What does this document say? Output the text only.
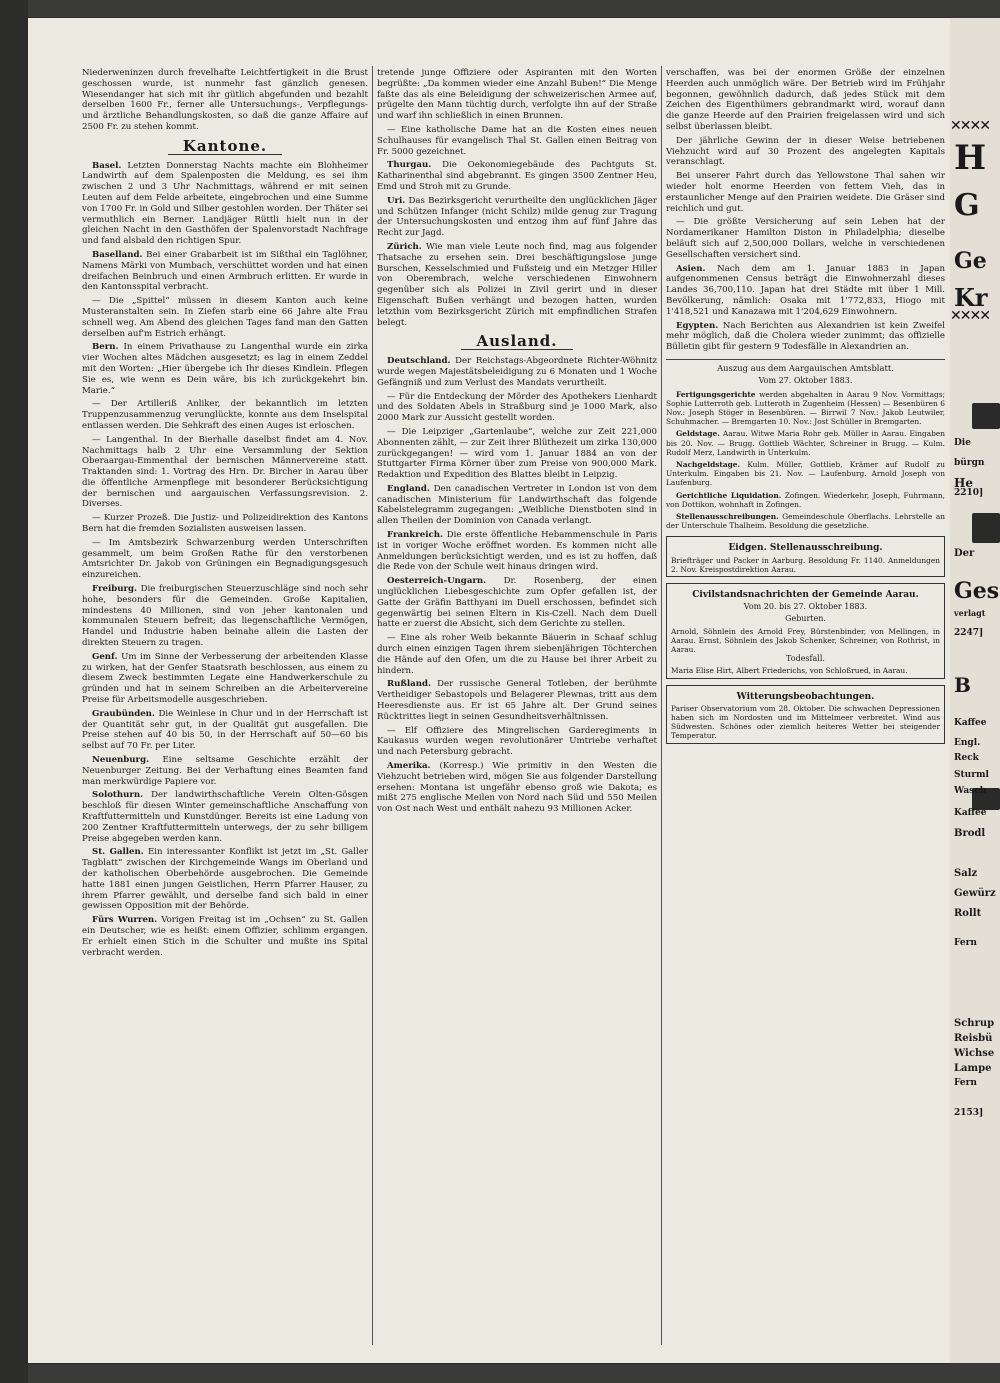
Niederweninzen durch frevelhafte Leichtfertigkeit in die Brust geschossen wurde, ist nunmehr fast gänzlich genesen. Wiesendanger hat sich mit ihr gütlich abgefunden und bezahlt derselben 1600 Fr., ferner alle Untersuchungs-, Verpflegungs- und ärztliche Behandlungskosten, so daß die ganze Affaire auf 2500 Fr. zu stehen kommt.

Kantone.

Basel. Letzten Donnerstag Nachts machte ein Blohheimer Landwirth auf dem Spalenposten die Meldung, es sei ihm zwischen 2 und 3 Uhr Nachmittags, während er mit seinen Leuten auf dem Felde arbeitete, eingebrochen und eine Summe von 1700 Fr. in Gold und Silber gestohlen worden. Der Thäter sei vermuthlich ein Berner. Landjäger Rüttli hielt nun in der gleichen Nacht in den Gasthöfen der Spalenvorstadt Nachfrage und fand alsbald den richtigen Spur.

Baselland. Bei einer Grabarbeit ist im Sißthal ein Taglöhner, Namens Märki von Mumbach, verschüttet worden und hat einen dreifachen Beinbruch und einen Armbruch erlitten. Er wurde in den Kantonsspital verbracht.

— Die „Spittel“ müssen in diesem Kanton auch keine Musteranstalten sein. In Ziefen starb eine 66 Jahre alte Frau schnell weg. Am Abend des gleichen Tages fand man den Gatten derselben auf'm Estrich erhängt.

Bern. In einem Privathause zu Langenthal wurde ein zirka vier Wochen altes Mädchen ausgesetzt; es lag in einem Zeddel mit den Worten: „Hier übergebe ich Ihr dieses Kindlein. Pflegen Sie es, wie wenn es Dein wäre, bis ich zurückgekehrt bin. Marie.“

— Der Artilleriß Anliker, der bekanntlich im letzten Truppenzusammenzug verunglückte, konnte aus dem Inselspital entlassen werden. Die Sehkraft des einen Auges ist erloschen.

— Langenthal. In der Bierhalle daselbst findet am 4. Nov. Nachmittags halb 2 Uhr eine Versammlung der Sektion Oberaargau-Emmenthal der bernischen Männervereine statt. Traktanden sind: 1. Vortrag des Hrn. Dr. Bircher in Aarau über die öffentliche Armenpflege mit besonderer Berücksichtigung der bernischen und aargauischen Verfassungsrevision. 2. Diverses.

— Kurzer Prozeß. Die Justiz- und Polizeidirektion des Kantons Bern hat die fremden Sozialisten ausweisen lassen.

— Im Amtsbezirk Schwarzenburg werden Unterschriften gesammelt, um beim Großen Rathe für den verstorbenen Amtsrichter Dr. Jakob von Grüningen ein Begnadigungsgesuch einzureichen.

Freiburg. Die freiburgischen Steuerzuschläge sind noch sehr hohe, besonders für die Gemeinden. Große Kapitalien, mindestens 40 Millionen, sind von jeher kantonalen und kommunalen Steuern befreit; das liegenschaftliche Vermögen, Handel und Industrie haben beinahe allein die Lasten der direkten Steuern zu tragen.

Genf. Um im Sinne der Verbesserung der arbeitenden Klasse zu wirken, hat der Genfer Staatsrath beschlossen, aus einem zu diesem Zweck bestimmten Legate eine Handwerkerschule zu gründen und hat in seinem Schreiben an die Arbeitervereine Preise für Arbeitsmodelle ausgeschrieben.

Graubünden. Die Weinlese in Chur und in der Herrschaft ist der Quantität sehr gut, in der Qualität gut ausgefallen. Die Preise stehen auf 40 bis 50, in der Herrschaft auf 50—60 bis selbst auf 70 Fr. per Liter.

Neuenburg. Eine seltsame Geschichte erzählt der Neuenburger Zeitung. Bei der Verhaftung eines Beamten fand man merkwürdige Papiere vor.

Solothurn. Der landwirthschaftliche Verein Olten-Gösgen beschloß für diesen Winter gemeinschaftliche Anschaffung von Kraftfuttermitteln und Kunstdünger. Bereits ist eine Ladung von 200 Zentner Kraftfuttermitteln unterwegs, der zu sehr billigem Preise abgegeben werden kann.

St. Gallen. Ein interessanter Konflikt ist jetzt im „St. Galler Tagblatt“ zwischen der Kirchgemeinde Wangs im Oberland und der katholischen Oberbehörde ausgebrochen. Die Gemeinde hatte 1881 einen jungen Geistlichen, Herrn Pfarrer Hauser, zu ihrem Pfarrer gewählt, und derselbe fand sich bald in einer gewissen Opposition mit der Behörde.

Fürs Wurren. Vorigen Freitag ist im „Ochsen“ zu St. Gallen ein Deutscher, wie es heißt: einem Offizier, schlimm ergangen. Er erhielt einen Stich in die Schulter und mußte ins Spital verbracht werden.

tretende junge Offiziere oder Aspiranten mit den Worten begrüßte: „Da kommen wieder eine Anzahl Buben!“ Die Menge faßte das als eine Beleidigung der schweizerischen Armee auf, prügelte den Mann tüchtig durch, verfolgte ihn auf der Straße und warf ihn schließlich in einen Brunnen.

— Eine katholische Dame hat an die Kosten eines neuen Schulhauses für evangelisch Thal St. Gallen einen Beitrag von Fr. 5000 gezeichnet.

Thurgau. Die Oekonomiegebäude des Pachtguts St. Katharinenthal sind abgebrannt. Es gingen 3500 Zentner Heu, Emd und Stroh mit zu Grunde.

Uri. Das Bezirksgericht verurtheilte den unglücklichen Jäger und Schützen Infanger (nicht Schilz) milde genug zur Tragung der Untersuchungskosten und entzog ihm auf fünf Jahre das Recht zur Jagd.

Zürich. Wie man viele Leute noch find, mag aus folgender Thatsache zu ersehen sein. Drei beschäftigungslose junge Burschen, Kesselschmied und Fußsteig und ein Metzger Hiller von Oberembrach, welche verschiedenen Einwohnern gegenüber sich als Polizei in Zivil gerirt und in dieser Eigenschaft Bußen verhängt und bezogen hatten, wurden letzthin vom Bezirksgericht Zürich mit empfindlichen Strafen belegt.

Ausland.

Deutschland. Der Reichstags-Abgeordnete Richter-Wöhnitz wurde wegen Majestätsbeleidigung zu 6 Monaten und 1 Woche Gefängniß und zum Verlust des Mandats verurtheilt.

— Für die Entdeckung der Mörder des Apothekers Lienhardt und des Soldaten Abels in Straßburg sind je 1000 Mark, also 2000 Mark zur Aussicht gestellt worden.

— Die Leipziger „Gartenlaube“, welche zur Zeit 221,000 Abonnenten zählt, — zur Zeit ihrer Blüthezeit um zirka 130,000 zurückgegangen! — wird vom 1. Januar 1884 an von der Stuttgarter Firma Körner über zum Preise von 900,000 Mark. Redaktion und Expedition des Blattes bleibt in Leipzig.

England. Den canadischen Vertreter in London ist von dem canadischen Ministerium für Landwirthschaft das folgende Kabelstelegramm zugegangen: „Weibliche Dienstboten sind in allen Theilen der Dominion von Canada verlangt.

Frankreich. Die erste öffentliche Hebammenschule in Paris ist in voriger Woche eröffnet worden. Es kommen nicht alle Anmeldungen berücksichtigt werden, und es ist zu hoffen, daß die Rede von der Schule weit hinaus dringen wird.

Oesterreich-Ungarn. Dr. Rosenberg, der einen unglücklichen Liebesgeschichte zum Opfer gefallen ist, der Gatte der Gräfin Batthyani im Duell erschossen, befindet sich gegenwärtig bei seinen Eltern in Kis-Czell. Nach dem Duell hatte er zuerst die Absicht, sich dem Gerichte zu stellen.

— Eine als roher Weib bekannte Bäuerin in Schaaf schlug durch einen einzigen Tagen ihrem siebenjährigen Töchterchen die Hände auf den Ofen, um die zu Hause bei ihrer Arbeit zu hindern.

Rußland. Der russische General Totleben, der berühmte Vertheidiger Sebastopols und Belagerer Plewnas, tritt aus dem Heeresdienste aus. Er ist 65 Jahre alt. Der Grund seines Rücktrittes liegt in seinen Gesundheitsverhältnissen.

— Elf Offiziere des Mingrelischen Garderegiments in Kaukasus wurden wegen revolutionärer Umtriebe verhaftet und nach Petersburg gebracht.

Amerika. (Korresp.) Wie primitiv in den Westen die Viehzucht betrieben wird, mögen Sie aus folgender Darstellung ersehen: Montana ist ungefähr ebenso groß wie Dakota; es mißt 275 englische Meilen von Nord nach Süd und 550 Meilen von Ost nach West und enthält nahezu 93 Millionen Acker.

verschaffen, was bei der enormen Größe der einzelnen Heerden auch unmöglich wäre. Der Betrieb wird im Frühjahr begonnen, gewöhnlich dadurch, daß jedes Stück mit dem Zeichen des Eigenthümers gebrandmarkt wird, worauf dann die ganze Heerde auf den Prairien freigelassen wird und sich selbst überlassen bleibt.

Der jährliche Gewinn der in dieser Weise betriebenen Viehzucht wird auf 30 Prozent des angelegten Kapitals veranschlagt.

Bei unserer Fahrt durch das Yellowstone Thal sahen wir wieder holt enorme Heerden von fettem Vieh, das in erstaunlicher Menge auf den Prairien weidete. Die Gräser sind reichlich und gut.

— Die größte Versicherung auf sein Leben hat der Nordamerikaner Hamilton Diston in Philadelphia; dieselbe beläuft sich auf 2,500,000 Dollars, welche in verschiedenen Gesellschaften versichert sind.

Asien. Nach dem am 1. Januar 1883 in Japan aufgenommenen Census beträgt die Einwohnerzahl dieses Landes 36,700,110. Japan hat drei Städte mit über 1 Mill. Bevölkerung, nämlich: Osaka mit 1'772,833, Hiogo mit 1'418,521 und Kanazawa mit 1'204,629 Einwohnern.

Egypten. Nach Berichten aus Alexandrien ist kein Zweifel mehr möglich, daß die Cholera wieder zunimmt; das offizielle Bülletin gibt für gestern 9 Todesfälle in Alexandrien an.

Auszug aus dem Aargauischen Amtsblatt.
Vom 27. Oktober 1883.

Fertigungsgerichte werden abgehalten in Aarau 9 Nov. Vormittags; Sophie Lutterroth geb. Lutteroth in Zugenheim (Hessen) — Besenbüren 6 Nov.: Joseph Stöger in Besenbüren. — Birrwil 7 Nov.: Jakob Leutwiler, Schuhmacher. — Bremgarten 10. Nov.: Jost Schüller in Bremgarten.

Geldstage. Aarau. Witwe Maria Rohr geb. Müller in Aarau. Eingaben bis 20. Nov. — Brugg. Gottlieb Wächter, Schreiner in Brugg. — Kulm. Rudolf Merz, Landwirth in Unterkulm.

Nachgeldstage. Kulm. Müller, Gottlieb, Krämer auf Rudolf zu Unterkulm. Eingaben bis 21. Nov. — Laufenburg. Arnold Joseph von Laufenburg.

Gerichtliche Liquidation. Zofingen. Wiederkehr, Joseph, Fuhrmann, von Dottikon, wohnhaft in Zofingen.

Stellenausschreibungen. Gemeindeschule Oberflachs. Lehrstelle an der Unterschule Thalheim. Besoldung die gesetzliche.

Eidgen. Stellenausschreibung.
Briefträger und Packer in Aarburg. Besoldung Fr. 1140. Anmeldungen 2. Nov. Kreispostdirektion Aarau.
Civilstandsnachrichten der Gemeinde Aarau.
Vom 20. bis 27. Oktober 1883.
Geburten.
Arnold, Söhnlein des Arnold Frey, Bürstenbinder, von Mellingen, in Aarau. Ernst, Söhnlein des Jakob Schenker, Schreiner, von Rothrist, in Aarau.
Todesfall.
Maria Elise Hirt, Albert Friederichs, von Schloßrued, in Aarau.
Witterungsbeobachtungen.
Pariser Observatorium vom 28. Oktober. Die schwachen Depressionen haben sich im Nordosten und im Mittelmeer verbreitet. Wind aus Südwesten. Schönes oder ziemlich heiteres Wetter bei steigender Temperatur.
✕✕✕✕
✕✕✕✕
H
G
Ge
Kr
Die
bürgn
He
2210]
Der
Ges
verlagt
2247]
B
Kaffee
Engl.
Reck
Sturml
Wasch
Kaffee
Brodl
Salz
Gewürz
Rollt
Fern
Schrup
Reisbü
Wichse
Lampe
Fern
2153]
